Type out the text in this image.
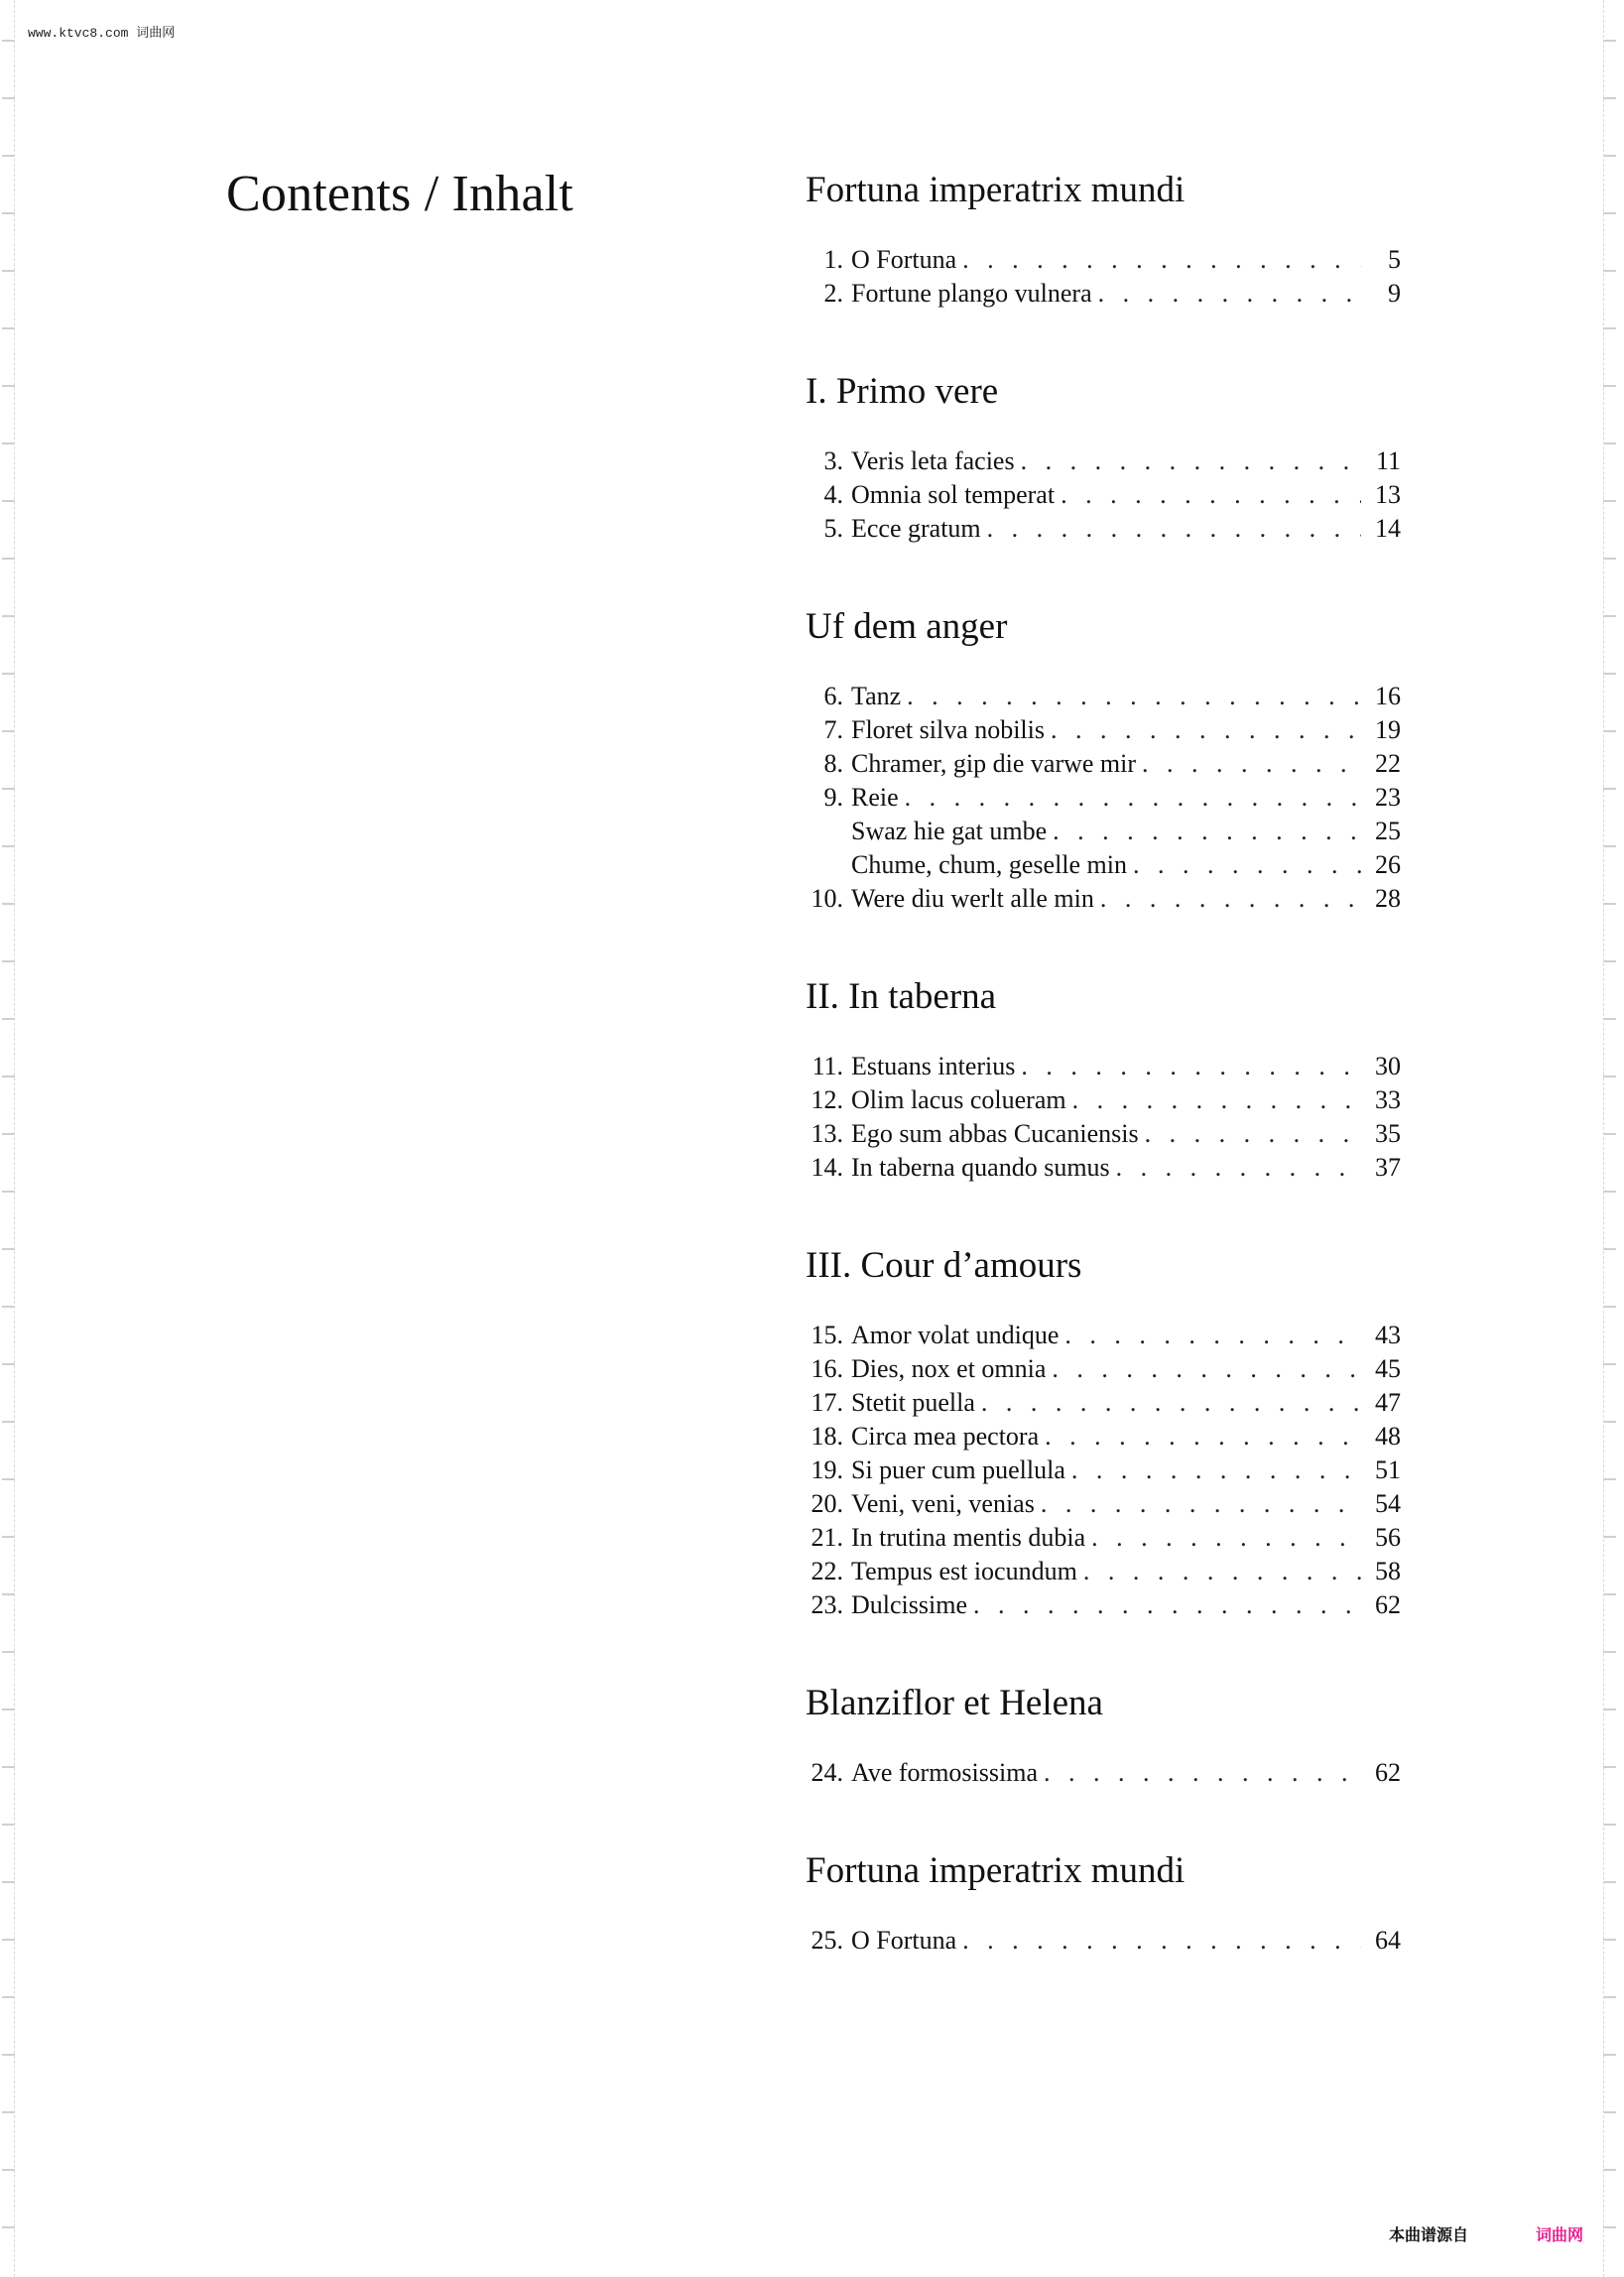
www.ktvc8.com 词曲网
Contents / Inhalt	Fortuna imperatrix mundi
1. O Fortuna . . .	5
2. Fortune plango vulnera . . .	9
I. Primo vere
3. Veris leta facies . . .	11
4. Omnia sol temperat . . .	13
5. Ecce gratum . . .	14
Uf dem anger
6. Tanz . . .	16
7. Floret silva nobilis . . .	19
8. Chramer, gip die varwe mir . . .	22
9. Reie . . .	23
Swaz hie gat umbe . . .	25
Chume, chum, geselle min . . .	26
10. Were diu werlt alle min . . .	28
II. In taberna
11. Estuans interius . . .	30
12. Olim lacus colueram . . .	33
13. Ego sum abbas Cucaniensis . . .	35
14. In taberna quando sumus . . .	37
III. Cour d’amours
15. Amor volat undique . . .	43
16. Dies, nox et omnia . . .	45
17. Stetit puella . . .	47
18. Circa mea pectora . . .	48
19. Si puer cum puellula . . .	51
20. Veni, veni, venias . . .	54
21. In trutina mentis dubia . . .	56
22. Tempus est iocundum . . .	58
23. Dulcissime . . .	62
Blanziflor et Helena
24. Ave formosissima . . .	62
Fortuna imperatrix mundi
25. O Fortuna . . .	64
本曲谱源自	词曲网
